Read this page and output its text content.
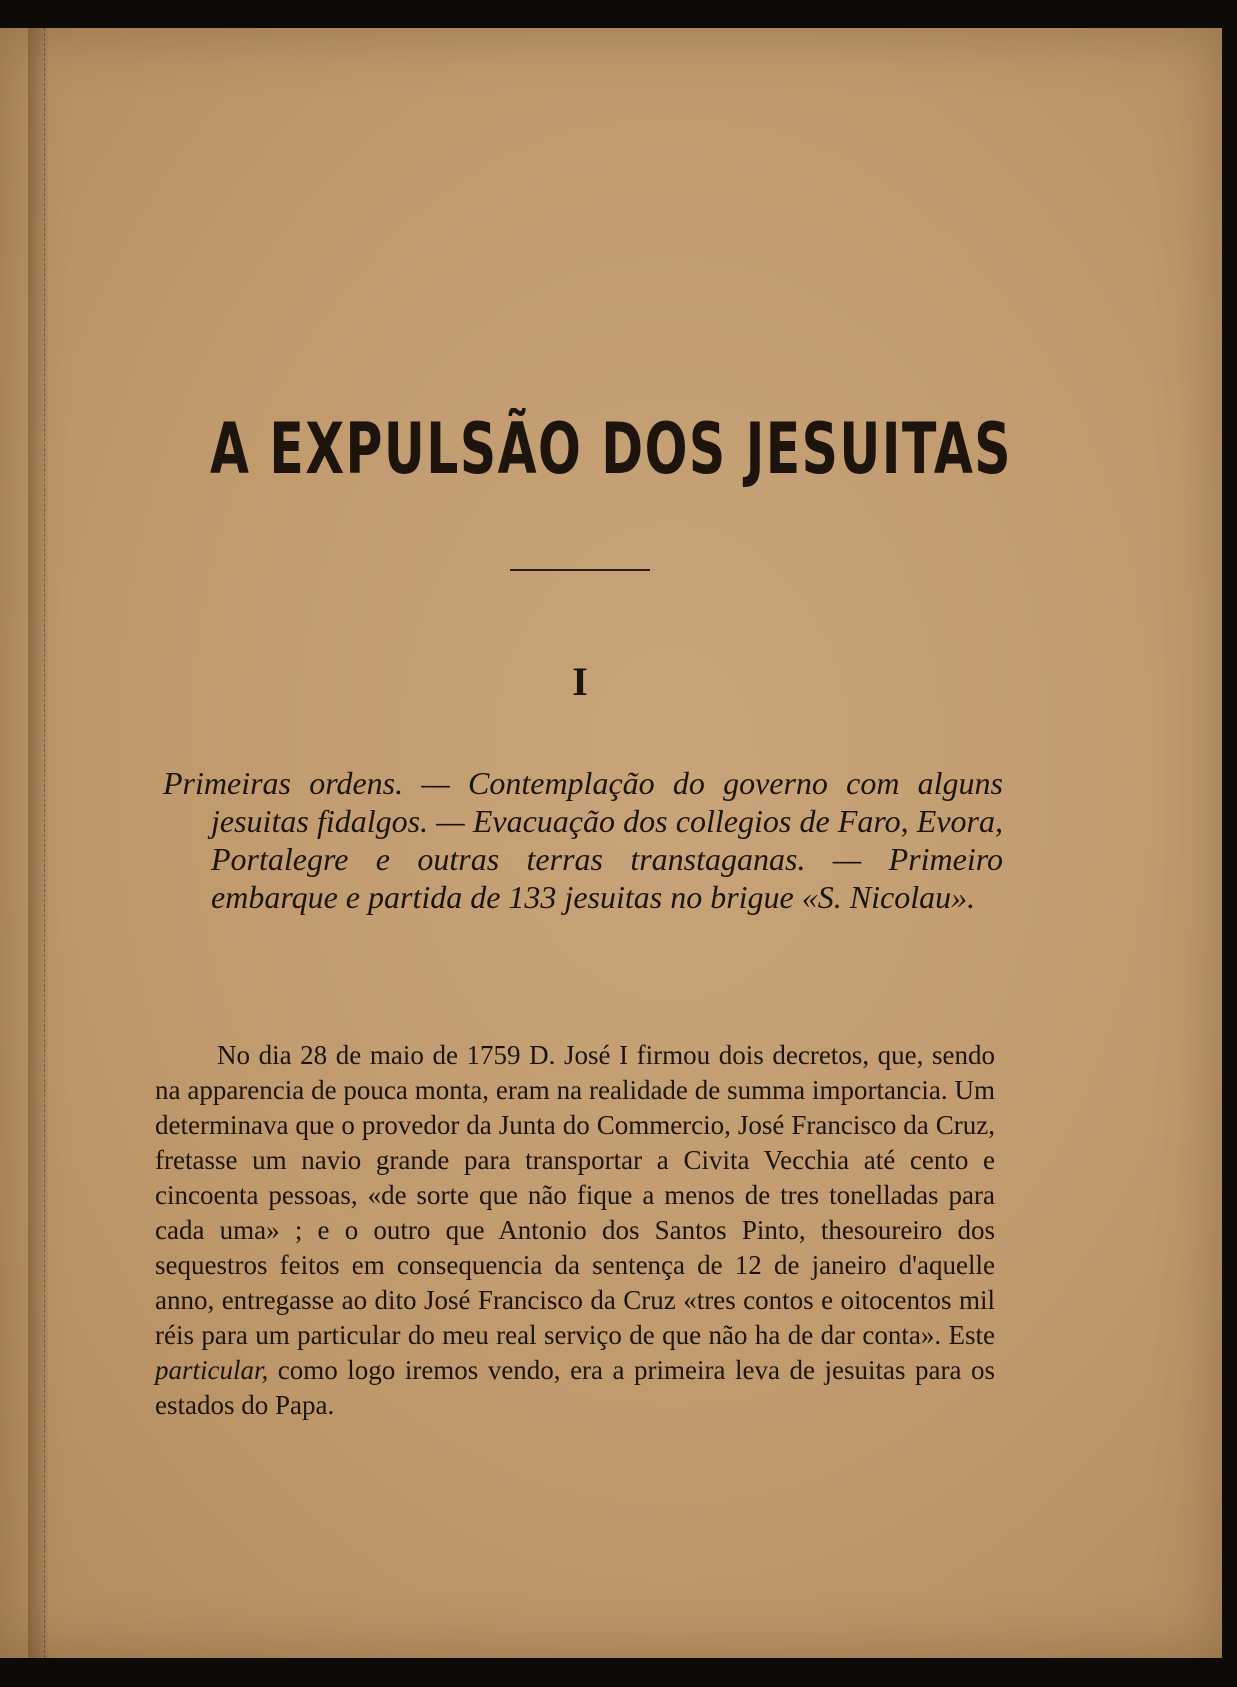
A EXPULSÃO DOS JESUITAS
I

Primeiras ordens. — Contemplação do governo com alguns jesuitas fidalgos. — Evacuação dos collegios de Faro, Evora, Portalegre e outras terras transtaganas. — Primeiro embarque e partida de 133 jesuitas no brigue «S. Nicolau».

No dia 28 de maio de 1759 D. José I firmou dois decretos, que, sendo na apparencia de pouca monta, eram na realidade de summa importancia. Um determinava que o provedor da Junta do Commercio, José Francisco da Cruz, fretasse um navio grande para transportar a Civita Vecchia até cento e cincoenta pessoas, «de sorte que não fique a menos de tres tonelladas para cada uma» ; e o outro que Antonio dos Santos Pinto, thesoureiro dos sequestros feitos em consequencia da sentença de 12 de janeiro d'aquelle anno, entregasse ao dito José Francisco da Cruz «tres contos e oitocentos mil réis para um particular do meu real serviço de que não ha de dar conta». Este particular, como logo iremos vendo, era a primeira leva de jesuitas para os estados do Papa.
